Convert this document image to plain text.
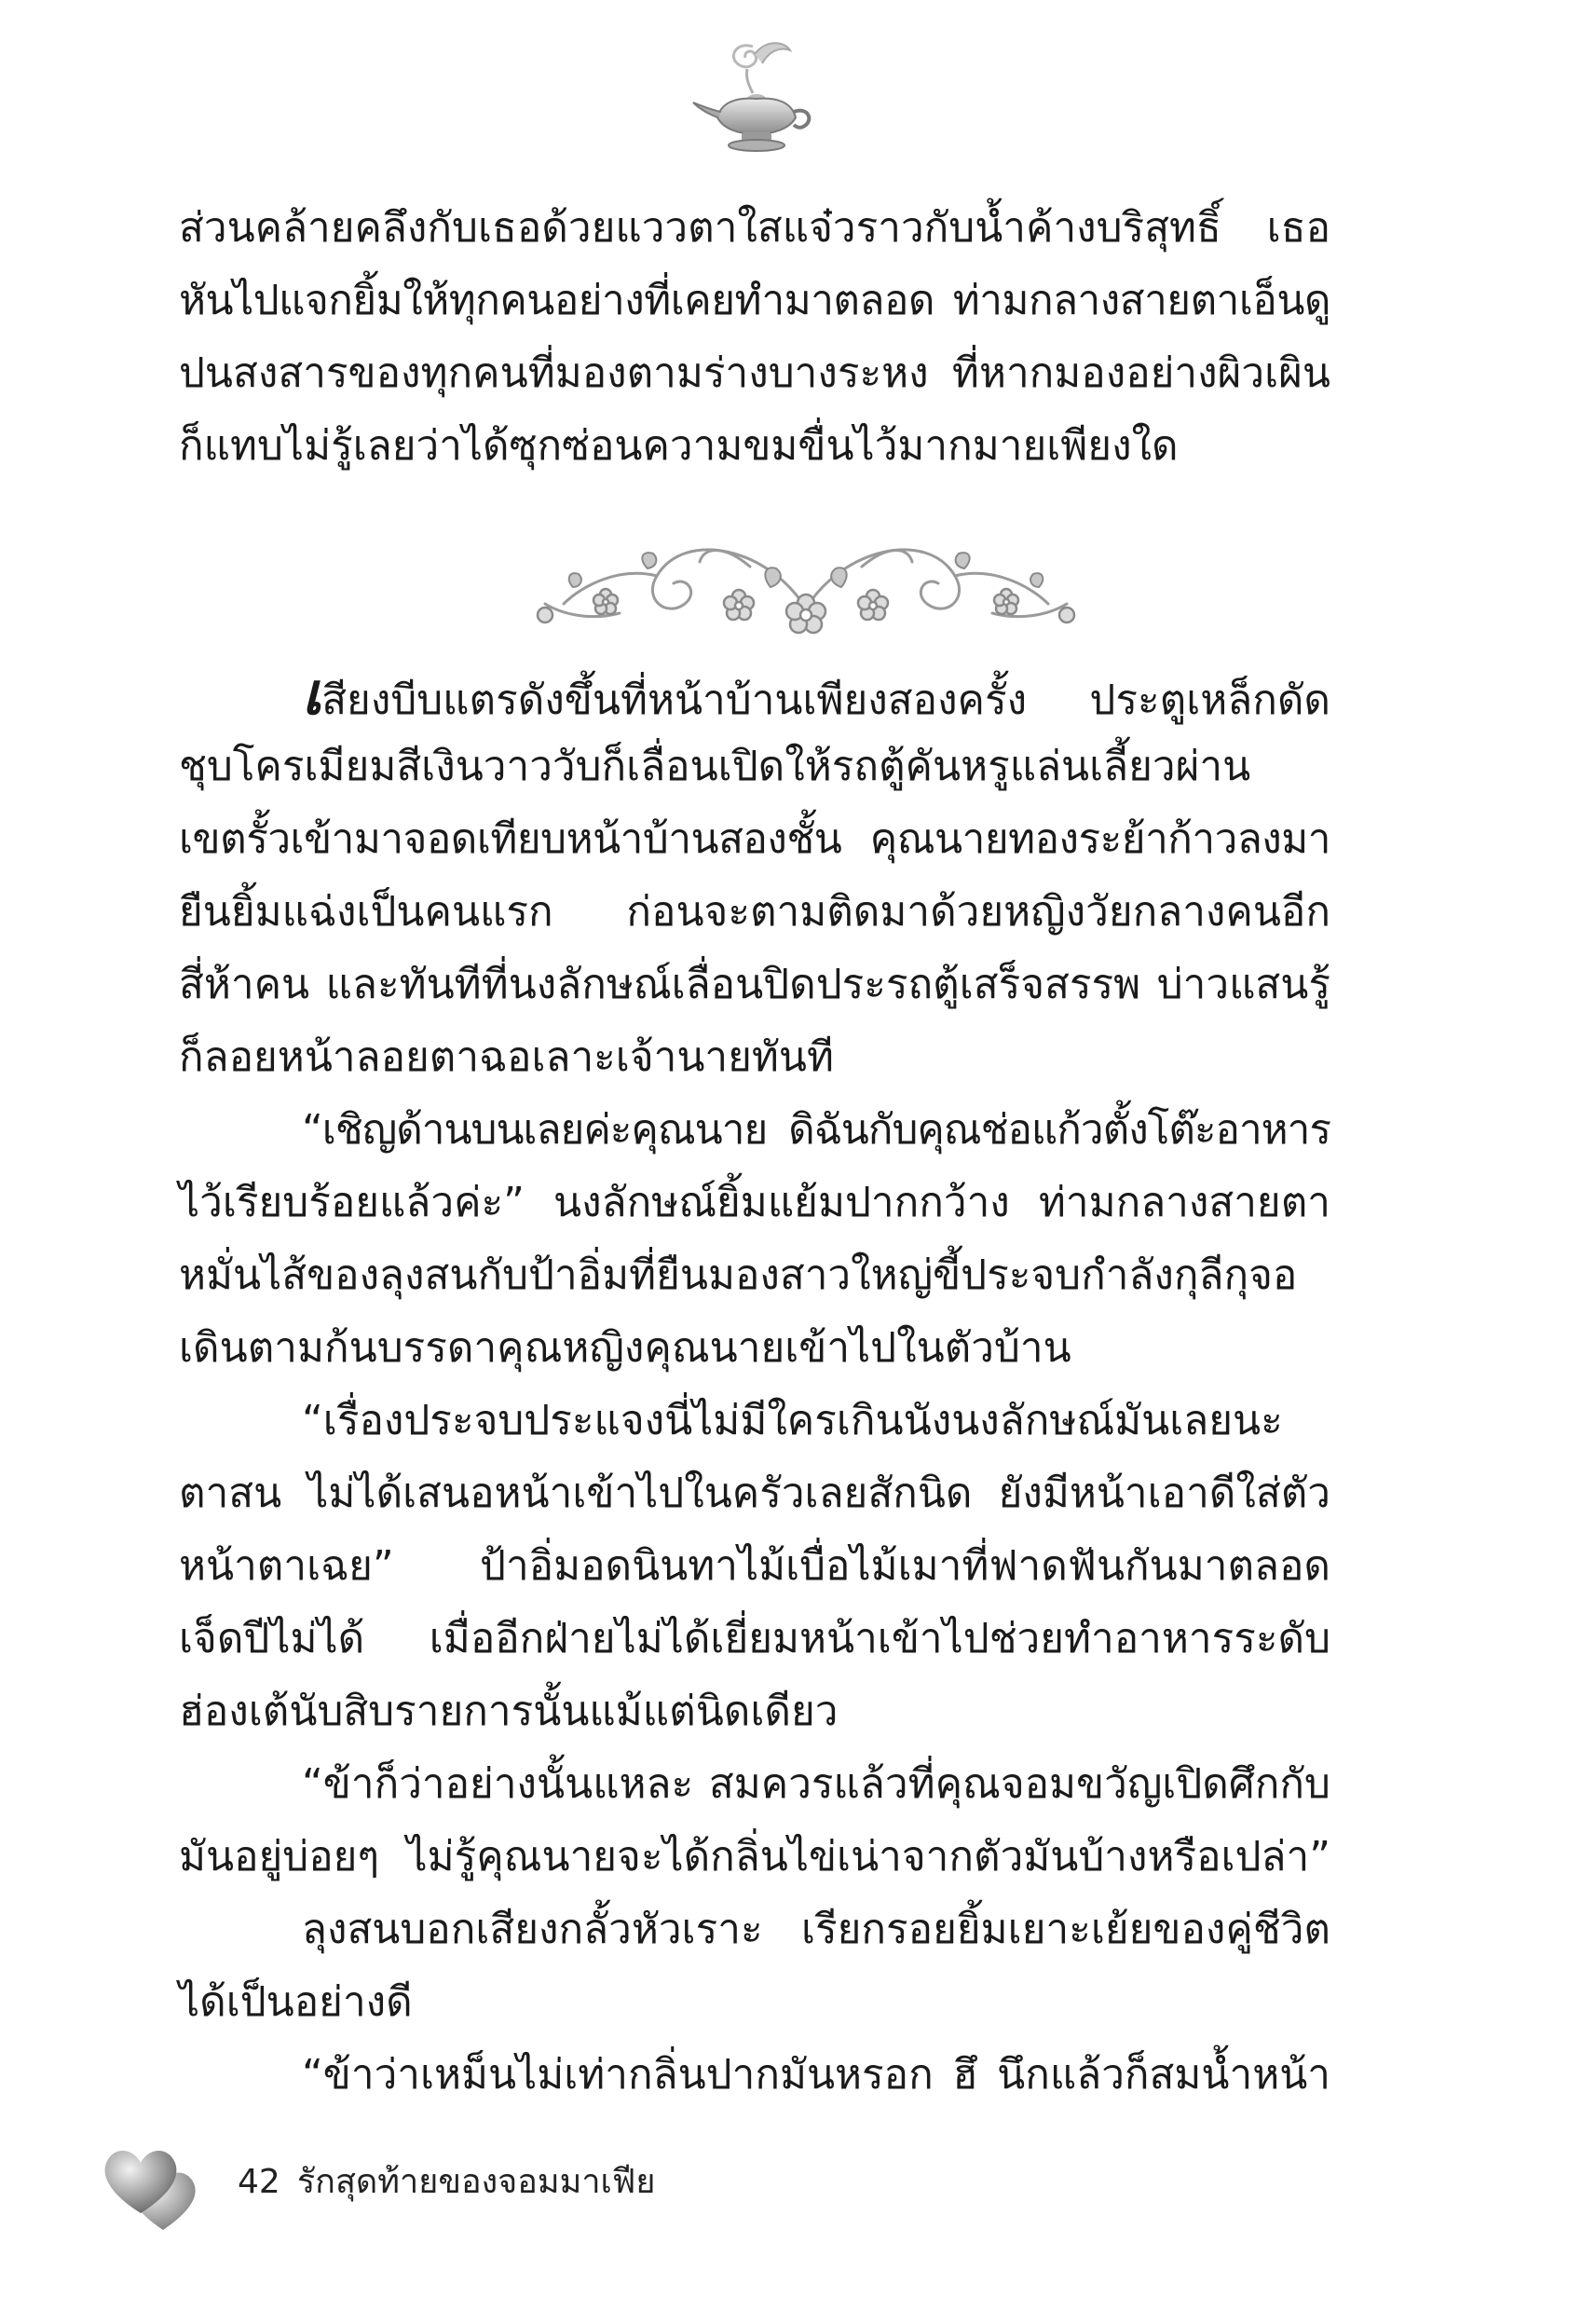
ส่วนคล้ายคลึงกับเธอด้วยแววตาใสแจ๋วราวกับน้ำค้างบริสุทธิ์ เธอ
หันไปแจกยิ้มให้ทุกคนอย่างที่เคยทำมาตลอด ท่ามกลางสายตาเอ็นดู
ปนสงสารของทุกคนที่มองตามร่างบางระหง ที่หากมองอย่างผิวเผิน
ก็แทบไม่รู้เลยว่าได้ซุกซ่อนความขมขื่นไว้มากมายเพียงใด
เสียงบีบแตรดังขึ้นที่หน้าบ้านเพียงสองครั้ง ประตูเหล็กดัด
ชุบโครเมียมสีเงินวาววับก็เลื่อนเปิดให้รถตู้คันหรูแล่นเลี้ยวผ่าน
เขตรั้วเข้ามาจอดเทียบหน้าบ้านสองชั้น คุณนายทองระย้าก้าวลงมา
ยืนยิ้มแฉ่งเป็นคนแรก ก่อนจะตามติดมาด้วยหญิงวัยกลางคนอีก
สี่ห้าคน และทันทีที่นงลักษณ์เลื่อนปิดประรถตู้เสร็จสรรพ บ่าวแสนรู้
ก็ลอยหน้าลอยตาฉอเลาะเจ้านายทันที
“เชิญด้านบนเลยค่ะคุณนาย ดิฉันกับคุณช่อแก้วตั้งโต๊ะอาหาร
ไว้เรียบร้อยแล้วค่ะ” นงลักษณ์ยิ้มแย้มปากกว้าง ท่ามกลางสายตา
หมั่นไส้ของลุงสนกับป้าอิ่มที่ยืนมองสาวใหญ่ขี้ประจบกำลังกุลีกุจอ
เดินตามก้นบรรดาคุณหญิงคุณนายเข้าไปในตัวบ้าน
“เรื่องประจบประแจงนี่ไม่มีใครเกินนังนงลักษณ์มันเลยนะ
ตาสน ไม่ได้เสนอหน้าเข้าไปในครัวเลยสักนิด ยังมีหน้าเอาดีใส่ตัว
หน้าตาเฉย” ป้าอิ่มอดนินทาไม้เบื่อไม้เมาที่ฟาดฟันกันมาตลอด
เจ็ดปีไม่ได้ เมื่ออีกฝ่ายไม่ได้เยี่ยมหน้าเข้าไปช่วยทำอาหารระดับ
ฮ่องเต้นับสิบรายการนั้นแม้แต่นิดเดียว
“ข้าก็ว่าอย่างนั้นแหละ สมควรแล้วที่คุณจอมขวัญเปิดศึกกับ
มันอยู่บ่อยๆ ไม่รู้คุณนายจะได้กลิ่นไข่เน่าจากตัวมันบ้างหรือเปล่า”
ลุงสนบอกเสียงกลั้วหัวเราะ เรียกรอยยิ้มเยาะเย้ยของคู่ชีวิต
ได้เป็นอย่างดี
“ข้าว่าเหม็นไม่เท่ากลิ่นปากมันหรอก ฮึ นึกแล้วก็สมน้ำหน้า
42 รักสุดท้ายของจอมมาเฟีย
